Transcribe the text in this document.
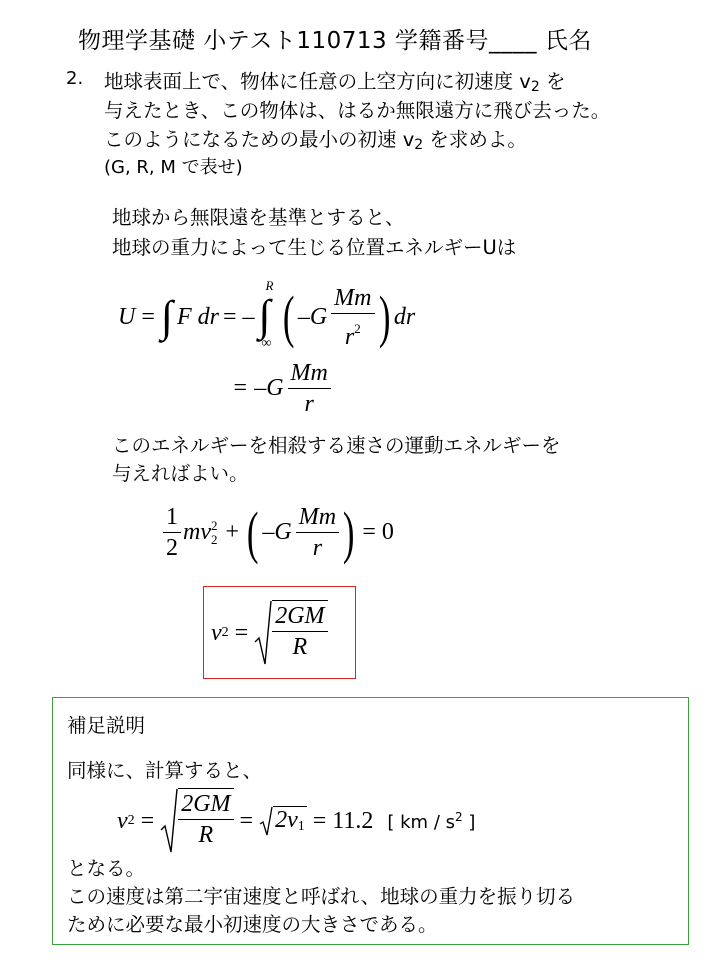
物理学基礎 小テスト110713 学籍番号____ 氏名
2. 地球表面上で、物体に任意の上空方向に初速度 $v_2$ を
与えたとき、この物体は、はるか無限遠方に飛び去った。
このようになるための最小の初速 $v_2$ を求めよ。
(G, R, M で表せ)
地球から無限遠を基準とすると、
地球の重力によって生じる位置エネルギーUは
U = ∫ F dr = – ∫
R
∞ ( $-G \frac{Mm}{r^2}$ ) dr
= $-G \frac{Mm}{r}$
このエネルギーを相殺する速さの運動エネルギーを
与えればよい。
$\frac{1}{2}$ mv 2
2 + ( $-G \frac{Mm}{r}$ ) = 0
v $2 = \frac{2GM}{R}$
補足説明
同様に、計算すると、
v $2 = \frac{2GM}{R} = 2v_1 = 11.2$ [ km / $s^2$ ]
となる。
この速度は第二宇宙速度と呼ばれ、地球の重力を振り切る
ために必要な最小初速度の大きさである。
